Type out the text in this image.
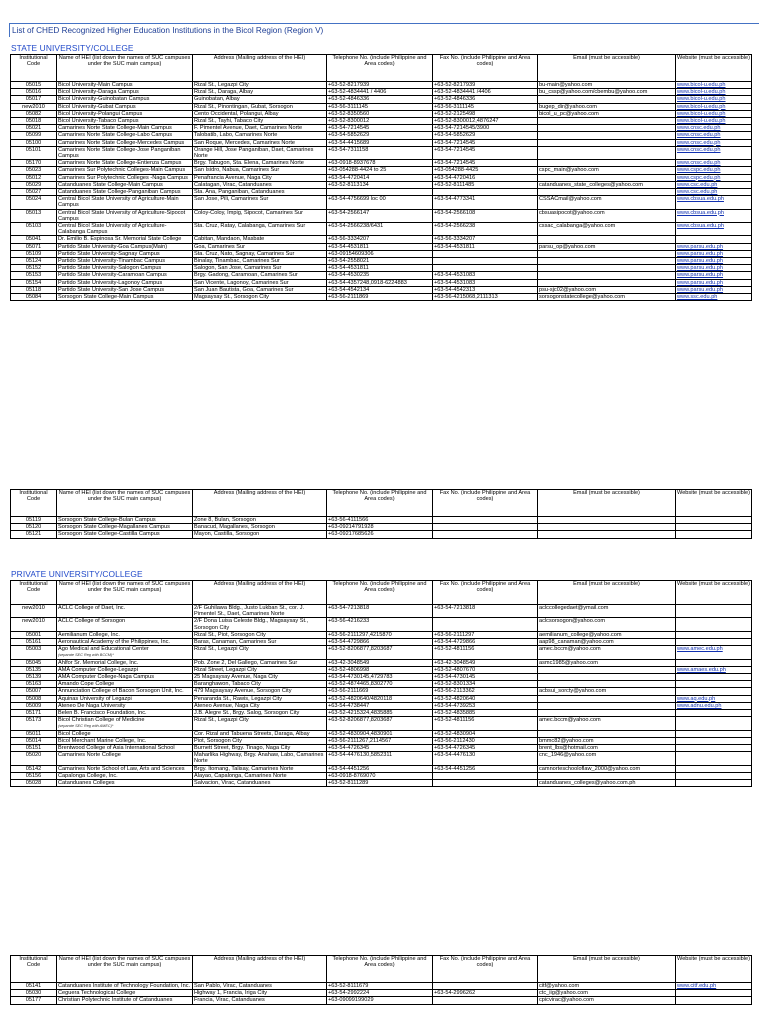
List of CHED Recognized Higher Education Institutions in the Bicol Region (Region V)
STATE UNIVERSITY/COLLEGE
Institutional Code	Name of HEI (list down the names of SUC campuses under the SUC main campus)	Address (Mailing address of the HEI)	Telephone No. (include Philippine and Area codes)	Fax No. (include Philippine and Area codes)	Email (must be accessible)	Website (must be accessible)
05015	Bicol University-Main Campus	Rizal St., Legazpi City	+63-52-8217939	+63-52-8217939	bu-main@yahoo.com	www.bicol-u.edu.ph
05016	Bicol University-Daraga Campus	Rizal St., Daraga, Albay	+63-52-4834441 / 4406	+63-52-4834441 /4406	bu_cssp@yahoo.com/cbembu@yahoo.com	www.bicol-u.edu.ph
05017	Bicol University-Guinobatan Campus	Guinobatan, Albay	+63-52-4846336	+63-52-4846336		www.bicol-u.edu.ph
new2010	Bicol University-Gubat Campus	Rizal St., Pinontingan, Gubat, Sorsogon	+63-56-3111145	+63-56-3111145	bugep_dir@yahoo.com	www.bicol-u.edu.ph
05082	Bicol University-Polangui Campus	Cento Occidental, Polangui, Albay	+63-52-8350560	+63-52-2125498	bicol_u_pc@yahoo.com	www.bicol-u.edu.ph
05018	Bicol University-Tabaco Campus	Rizal St., Tayhi, Tabaco City	+63-52-8300012	+63-52-8300012,4876247		www.bicol-u.edu.ph
05021	Camarines Norte State College-Main Campus	F. Pimentel Avenue, Daet, Camarines Norte	+63-54-7214545	+63-54-7214545/3900		www.cnsc.edu.ph
05099	Camarines Norte State College-Labo Campus	Talobatib, Labo, Camarines Norte	+63-54-5852629	+63-54-5852629		www.cnsc.edu.ph
05100	Camarines Norte State College-Mercedes Campus	San Roque, Mercedes, Camarines Norte	+63-54-4415689	+63-54-7214545		www.cnsc.edu.ph
05101	Camarines Norte State College-Jose Panganiban Campus	Orange Hill, Jose Panganiban, Daet, Camarines Norte	+63-54-7311158	+63-54-7214545		www.cnsc.edu.ph
05170	Camarines Norte State College-Entienza Campus	Brgy. Tabugon, Sta. Elena, Camarines Norte	+63-0918-8937678	+63-54-7214545		www.cnsc.edu.ph
05023	Camarines Sur Polytechnic Colleges-Main Campus	San Isidro, Nabua, Camarines Sur	+63-054288-4424 to 25	+63-054288-4425	cspc_main@yahoo.com	www.cspc.edu.ph
05012	Camarines Sur Polytechnic Colleges -Naga Campus	Penafrancia Avenue, Naga City	+63-54-4720414	+63-54-4720416		www.cspc.edu.ph
05029	Catanduanes State College-Main Campus	Calatagan, Virac, Catanduanes	+63-52-8113134	+63-52-8111485	catanduanes_state_colleges@yahoo.com	www.csc.edu.ph
05027	Catanduanes State College-Panganiban Campus	Sta. Ana, Panganiban, Catanduanes				www.csc.edu.ph
05024	Central Bicol State University of Agriculture-Main Campus	San Jose, Pili, Camarines Sur	+63-54-4756699 loc 00	+63-54-4773341	CSSACmail@yahoo.com	www.cbsua.edu.ph
05013	Central Bicol State University of Agriculture-Sipocot Campus	Coloy-Coloy, Impig, Sipocot, Camarines Sur	+63-54-2566147	+63-54-2566108	cbsuasipocot@yahoo.com	www.cbsua.edu.ph
05103	Central Bicol State University of Agriculture-Calabanga Campus	Sta. Cruz, Ratay, Calabanga, Camarines Sur	+63-54-2566238/6431	+63-54-2566238	cssac_calabanga@yahoo.com	www.cbsua.edu.ph
05041	Dr. Emilio B. Espinosa Sr. Memorial State College	Cabitan, Mandaon, Masbate	+63-56-3334207	+63-56-3334207		
05071	Partido State University-Goa Campus(Main)	Goa, Camarines Sur	+63-54-4531811	+63-54-4531811	parsu_op@yahoo.com	www.parsu.edu.ph
05109	Partido State University-Sagnay Campus	Sta. Cruz, Nato, Sagnay, Camarines Sur	+63-09154609306			www.parsu.edu.ph
05124	Partido State University-Tinambac Campus	Binalay, Tinambac, Camarines Sur	+63-54-2558021			www.parsu.edu.ph
05152	Partido State University-Salogon Campus	Salogon, San Jose, Camarines Sur	+63-54-4531811			www.parsu.edu.ph
05153	Partido State University-Caramoan Campus	Brgy. Gadong, Caramoan, Camarines Sur	+63-54-4530235	+63-54-4531083		www.parsu.edu.ph
05154	Partido State University-Lagonoy Campus	San Vicente, Lagonoy, Camarines Sur	+63-54-4357248,0918-6224883	+63-54-4531083		www.parsu.edu.ph
05118	Partido State University-San Jose Campus	San Juan Bautista, Goa, Camarines Sur	+63-54-4542134	+63-54-4542313	psu-sjc02@yahoo.com	www.parsu.edu.ph
05084	Sorsogon State College-Main Campus	Magsaysay St., Sorsogon City	+63-56-2111869	+63-56-4215068,2111313	sorsogonstatecollege@yahoo.com	www.ssc.edu.ph
Institutional Code	Name of HEI (list down the names of SUC campuses under the SUC main campus)	Address (Mailing address of the HEI)	Telephone No. (include Philippine and Area codes)	Fax No. (include Philippine and Area codes)	Email (must be accessible)	Website (must be accessible)
05119	Sorsogon State College-Bulan Campus	Zone 8, Bulan, Sorsogon	+63-56-4111566			
05120	Sorsogon State College-Magallanes Campus	Banacud, Magallanes, Sorsogon	+63-09214791928			
05121	Sorsogon State College-Castilla Campus	Mayon, Castilla, Sorsogon	+63-09217685626			
PRIVATE UNIVERSITY/COLLEGE
Institutional Code	Name of HEI (list down the names of SUC campuses under the SUC main campus)	Address (Mailing address of the HEI)	Telephone No. (include Philippine and Area codes)	Fax No. (include Philippine and Area codes)	Email (must be accessible)	Website (must be accessible)
new2010	ACLC College of Daet, Inc.	2/F Guhilawa Bldg., Justo Lukban St., cor. J. Pimentel St., Daet, Camarines Norte	+63-54-7213818	+63-54-7213818	aclccollegedaet@ymail.com	
new2010	ACLC College of Sorsogon	2/F Dona Luisa Celeste Bldg., Magsaysay St., Sorsogon City	+63-56-4216233		aclcsorsogon@yahoo.com	
05001	Aemilianum College, Inc.	Rizal St., Piot, Sorsogon City	+63-56-2111297,4215870	+63-56-2111297	aemilianum_college@yahoo.com	
05161	Aeronautical Academy of the Philippines, Inc.	Baras, Canaman, Camarines Sur	+63-54-4729866	+63-54-4729866	aap98_canaman@yahoo.com	
05003	Ago Medical and Educational Center
(separate SEC Reg with BCCM)*	Rizal St., Legazpi City	+63-52-8206877,8203687	+63-52-4811156	amec.bccm@yahoo.com	www.amec.edu.ph
05045	Ahlfor Sr. Memorial College, Inc.	Pob. Zone 2, Del Gallego, Camarines Sur	+63-42-3048549	+63-42-3048549	asmc1985@yahoo.com	
05135	AMA Computer College-Legazpi	Rizal Street, Legazpi City	+63-52-4806998	+63-52-4807670		www.amaes.edu.ph
05139	AMA Computer College-Naga Campus	25 Magsaysay Avenue, Naga City	+63-54-4730145,4729783	+63-54-4730145		
05163	Amando Cope College	Baranghawon, Tabaco City	+63-52-4874465,8302770	+63-52-8301334		
05007	Annunciation College of Bacon Sorsogon Unit, Inc.	479 Magsaysay Avenue, Sorsogon City	+63-56-2111669	+63-56-2113362	acbsui_sorcty@yahoo.com	
05008	Aquinas University of Legazpi	Penaranda St., Rawis, Legazpi City	+63-52-4820640/4820118	+63-52-4820640		www.aq.edu.ph
05009	Ateneo De Naga University	Ateneo Avenue, Naga City	+63-54-4738447	+63-54-4739253		www.adnu.edu.ph
05171	Belen B. Francisco Foundation, Inc.	J.B. Alegre St., Brgy. Salog, Sorsogon City	+63-52-4215324,4835885	+63-52-4835885		
05173	Bicol Christian College of Medicine
(separate SEC Reg with AMEC)*	Rizal St., Legazpi City	+63-52-8206877,8203687	+63-52-4811156	amec.bccm@yahoo.com	
05011	Bicol College	Cor. Rizal and Tabuena Streets, Daraga, Albay	+63-52-4830904,4830901	+63-52-4830904		
05014	Bicol Merchant Marine College, Inc.	Piot, Sorsogon City	+63-56-2111267,2114567	+63-56-2112430	bmmc82@yahoo.com	
05151	Brentwood College of Asia International School	Burnett Street, Brgy. Tinago, Naga City	+63-54-4726345	+63-54-4726345	brent_lbs@hotmail.com	
05020	Camarines Norte College	Maharlika Highway, Brgy. Anahaw, Labo, Camarines Norte	+63-54-4476130,5852311	+63-54-4476130	cnc_1946@yahoo.com	
05142	Camarines Norte School of Law, Arts and Sciences	Brgy. Itomang, Talisay, Camarines Norte	+63-54-4451256	+63-54-4451256	camnorteschooloflaw_2000@yahoo.com	
05156	Capalonga College, Inc.	Alayao, Capalonga, Camarines Norte	+63-0918-8769070			
05028	Catanduanes Colleges	Salvacion, Virac, Catanduanes	+63-52-8111289		catanduanes_colleges@yahoo.com.ph	
Institutional Code	Name of HEI (list down the names of SUC campuses under the SUC main campus)	Address (Mailing address of the HEI)	Telephone No. (include Philippine and Area codes)	Fax No. (include Philippine and Area codes)	Email (must be accessible)	Website (must be accessible)
05141	Catanduanes Institute of Technology Foundation, Inc.	San Pablo, Virac, Catanduanes	+63-52-8111679		citf@yahoo.com	www.citf.edu.ph
05030	Ceguera Technological College	Highway 1, Francia, Iriga City	+63-54-2992224	+63-54-2996262	ctc_iig@yahoo.com	
05177	Christian Polytechnic Institute of Catanduanes	Francia, Virac, Catanduanes	+63-09099199029		cpicvirac@yahoo.com	
